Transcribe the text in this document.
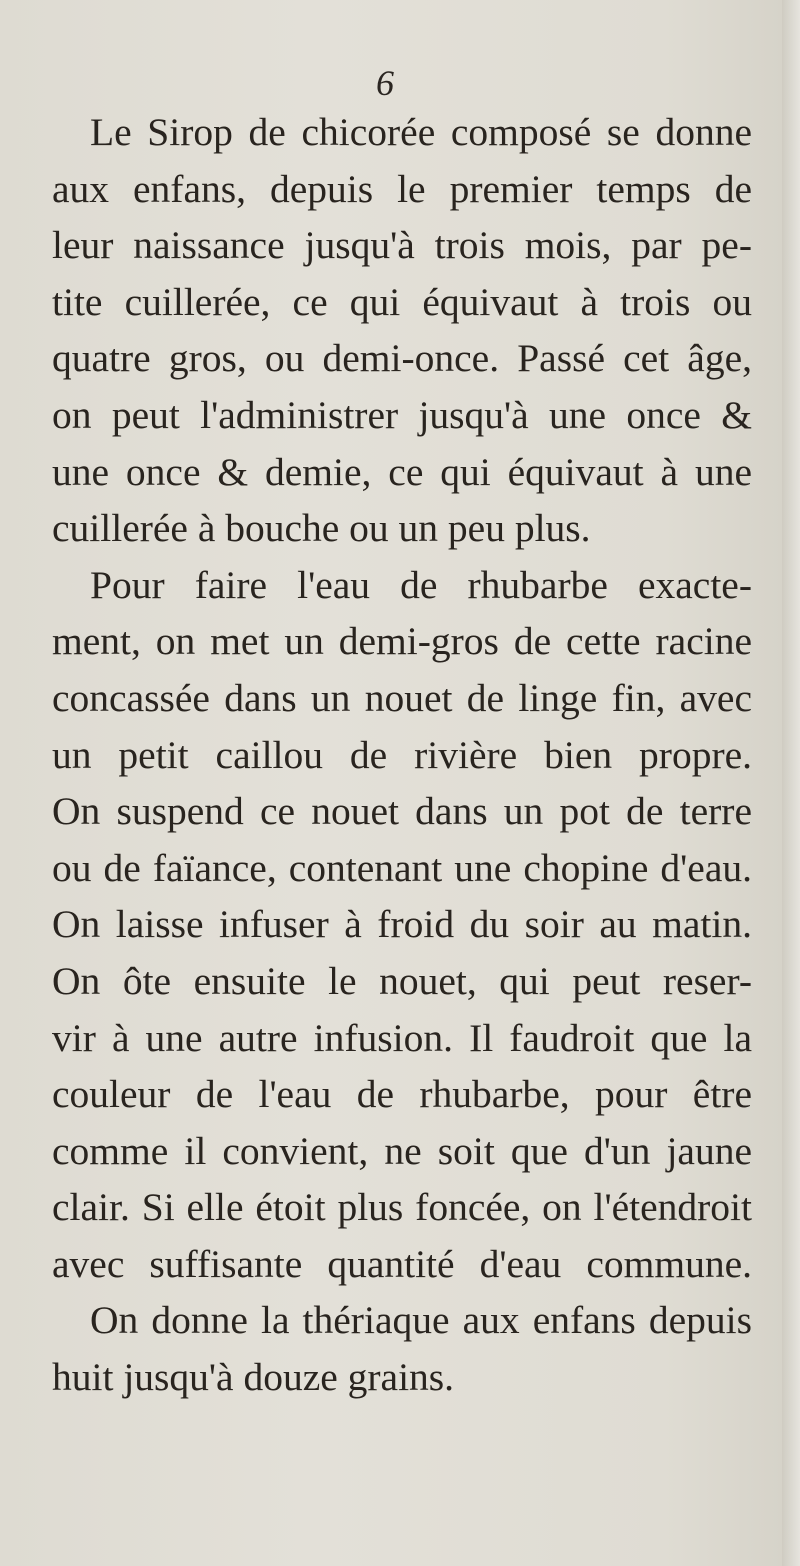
6
Le Sirop de chicorée composé se donne
aux enfans, depuis le premier temps de
leur naissance jusqu'à trois mois, par pe-
tite cuillerée, ce qui équivaut à trois ou
quatre gros, ou demi-once. Passé cet âge,
on peut l'administrer jusqu'à une once &
une once & demie, ce qui équivaut à une
cuillerée à bouche ou un peu plus.
Pour faire l'eau de rhubarbe exacte-
ment, on met un demi-gros de cette racine
concassée dans un nouet de linge fin, avec
un petit caillou de rivière bien propre.
On suspend ce nouet dans un pot de terre
ou de faïance, contenant une chopine d'eau.
On laisse infuser à froid du soir au matin.
On ôte ensuite le nouet, qui peut reser-
vir à une autre infusion. Il faudroit que la
couleur de l'eau de rhubarbe, pour être
comme il convient, ne soit que d'un jaune
clair. Si elle étoit plus foncée, on l'étendroit
avec suffisante quantité d'eau commune.
On donne la thériaque aux enfans depuis
huit jusqu'à douze grains.
